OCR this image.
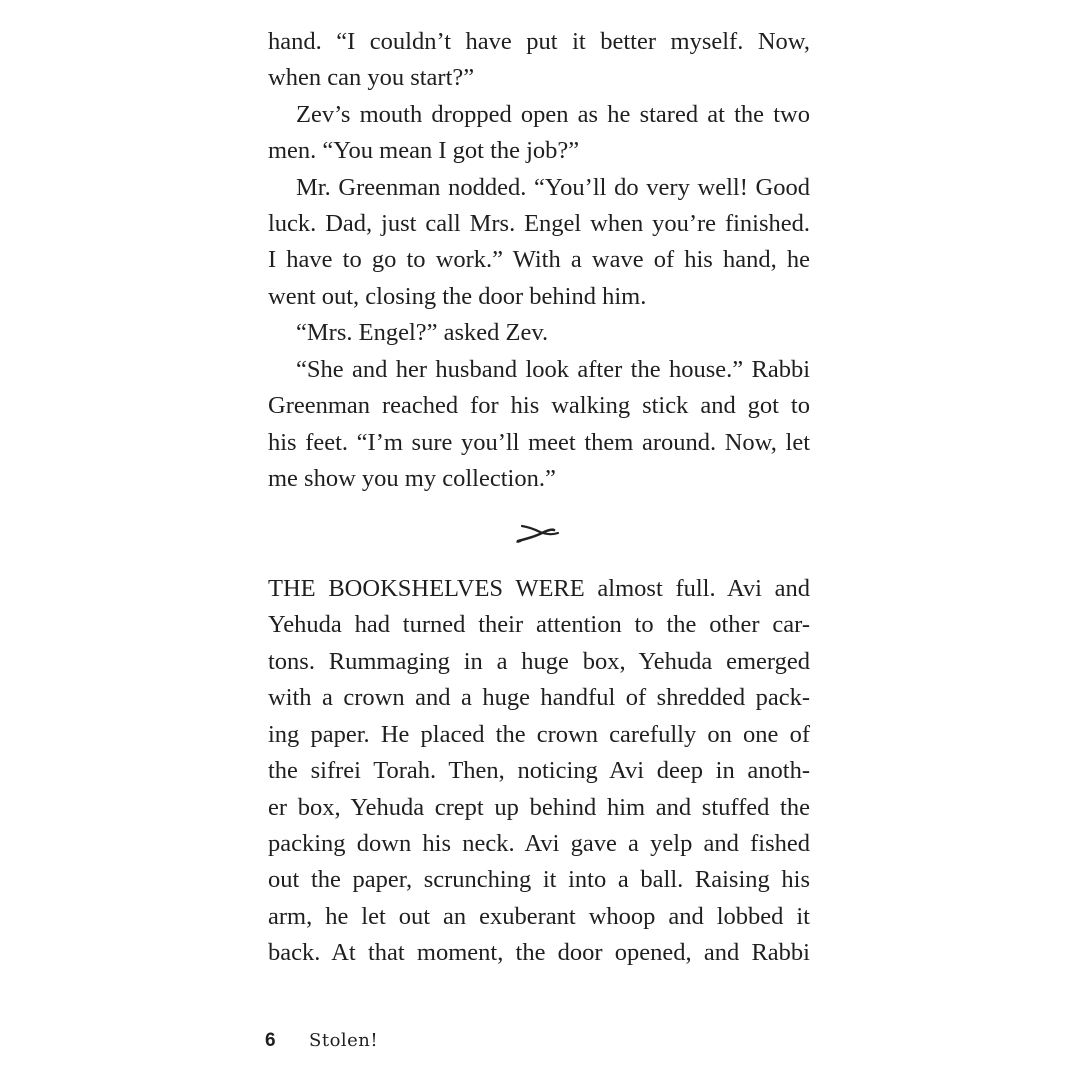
hand. “I couldn’t have put it better myself. Now,
when can you start?”
Zev’s mouth dropped open as he stared at the two
men. “You mean I got the job?”
Mr. Greenman nodded. “You’ll do very well! Good
luck. Dad, just call Mrs. Engel when you’re finished.
I have to go to work.” With a wave of his hand, he
went out, closing the door behind him.
“Mrs. Engel?” asked Zev.
“She and her husband look after the house.” Rabbi
Greenman reached for his walking stick and got to
his feet. “I’m sure you’ll meet them around. Now, let
me show you my collection.”
THE BOOKSHELVES WERE almost full. Avi and
Yehuda had turned their attention to the other car-
tons. Rummaging in a huge box, Yehuda emerged
with a crown and a huge handful of shredded pack-
ing paper. He placed the crown carefully on one of
the sifrei Torah. Then, noticing Avi deep in anoth-
er box, Yehuda crept up behind him and stuffed the
packing down his neck. Avi gave a yelp and fished
out the paper, scrunching it into a ball. Raising his
arm, he let out an exuberant whoop and lobbed it
back. At that moment, the door opened, and Rabbi
6 Stolen!
